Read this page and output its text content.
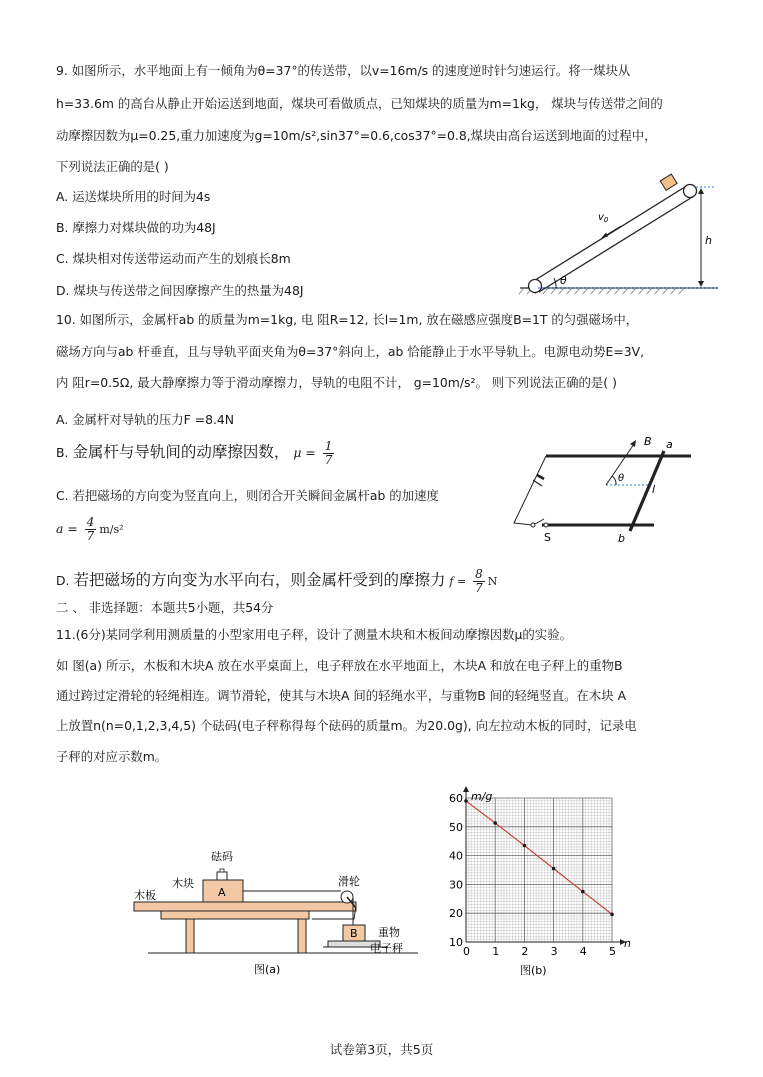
9. 如图所示，水平地面上有一倾角为θ=37°的传送带，以v=16m/s 的速度逆时针匀速运行。将一煤块从
h=33.6m 的高台从静止开始运送到地面，煤块可看做质点，已知煤块的质量为m=1kg， 煤块与传送带之间的
动摩擦因数为μ=0.25,重力加速度为g=10m/s²,sin37°=0.6,cos37°=0.8,煤块由高台运送到地面的过程中，
下列说法正确的是( )
A. 运送煤块所用的时间为4s
B. 摩擦力对煤块做的功为48J
C. 煤块相对传送带运动而产生的划痕长8m
D. 煤块与传送带之间因摩擦产生的热量为48J
h
θ
$v_0$
10. 如图所示，金属杆ab 的质量为m=1kg, 电 阻R=12, 长l=1m, 放在磁感应强度B=1T 的匀强磁场中，
磁场方向与ab 杆垂直，且与导轨平面夹角为θ=37°斜向上，ab 恰能静止于水平导轨上。电源电动势E=3V,
内 阻r=0.5Ω, 最大静摩擦力等于滑动摩擦力，导轨的电阻不计， g=10m/s²。 则下列说法正确的是( )
A. 金属杆对导轨的压力F =8.4N
B. 金属杆与导轨间的动摩擦因数， $\mu = \frac{1}{7}$
C. 若把磁场的方向变为竖直向上，则闭合开关瞬间金属杆ab 的加速度
$a = \frac{4}{7} m/s^2$
D. 若把磁场的方向变为水平向右，则金属杆受到的摩擦力 $f = \frac{8}{7}$ N
S
a
b
l
B
θ
二 、 非选择题：本题共5小题，共54分
11.(6分)某同学利用测质量的小型家用电子秤，设计了测量木块和木板间动摩擦因数μ的实验。
如 图(a) 所示，木板和木块A 放在水平桌面上，电子秤放在水平地面上，木块A 和放在电子秤上的重物B
通过跨过定滑轮的轻绳相连。调节滑轮，使其与木块A 间的轻绳水平，与重物B 间的轻绳竖直。在木块 A
上放置n(n=0,1,2,3,4,5) 个砝码(电子秤称得每个砝码的质量m。为20.0g), 向左拉动木板的同时，记录电
子秤的对应示数m。
A
砝码
木块
木板
滑轮
B 重物
电子秤
图(a)
0 1 2 3 4 5
10
20
30
40
50
60 m/g
n
图(b)
试卷第3页，共5页
